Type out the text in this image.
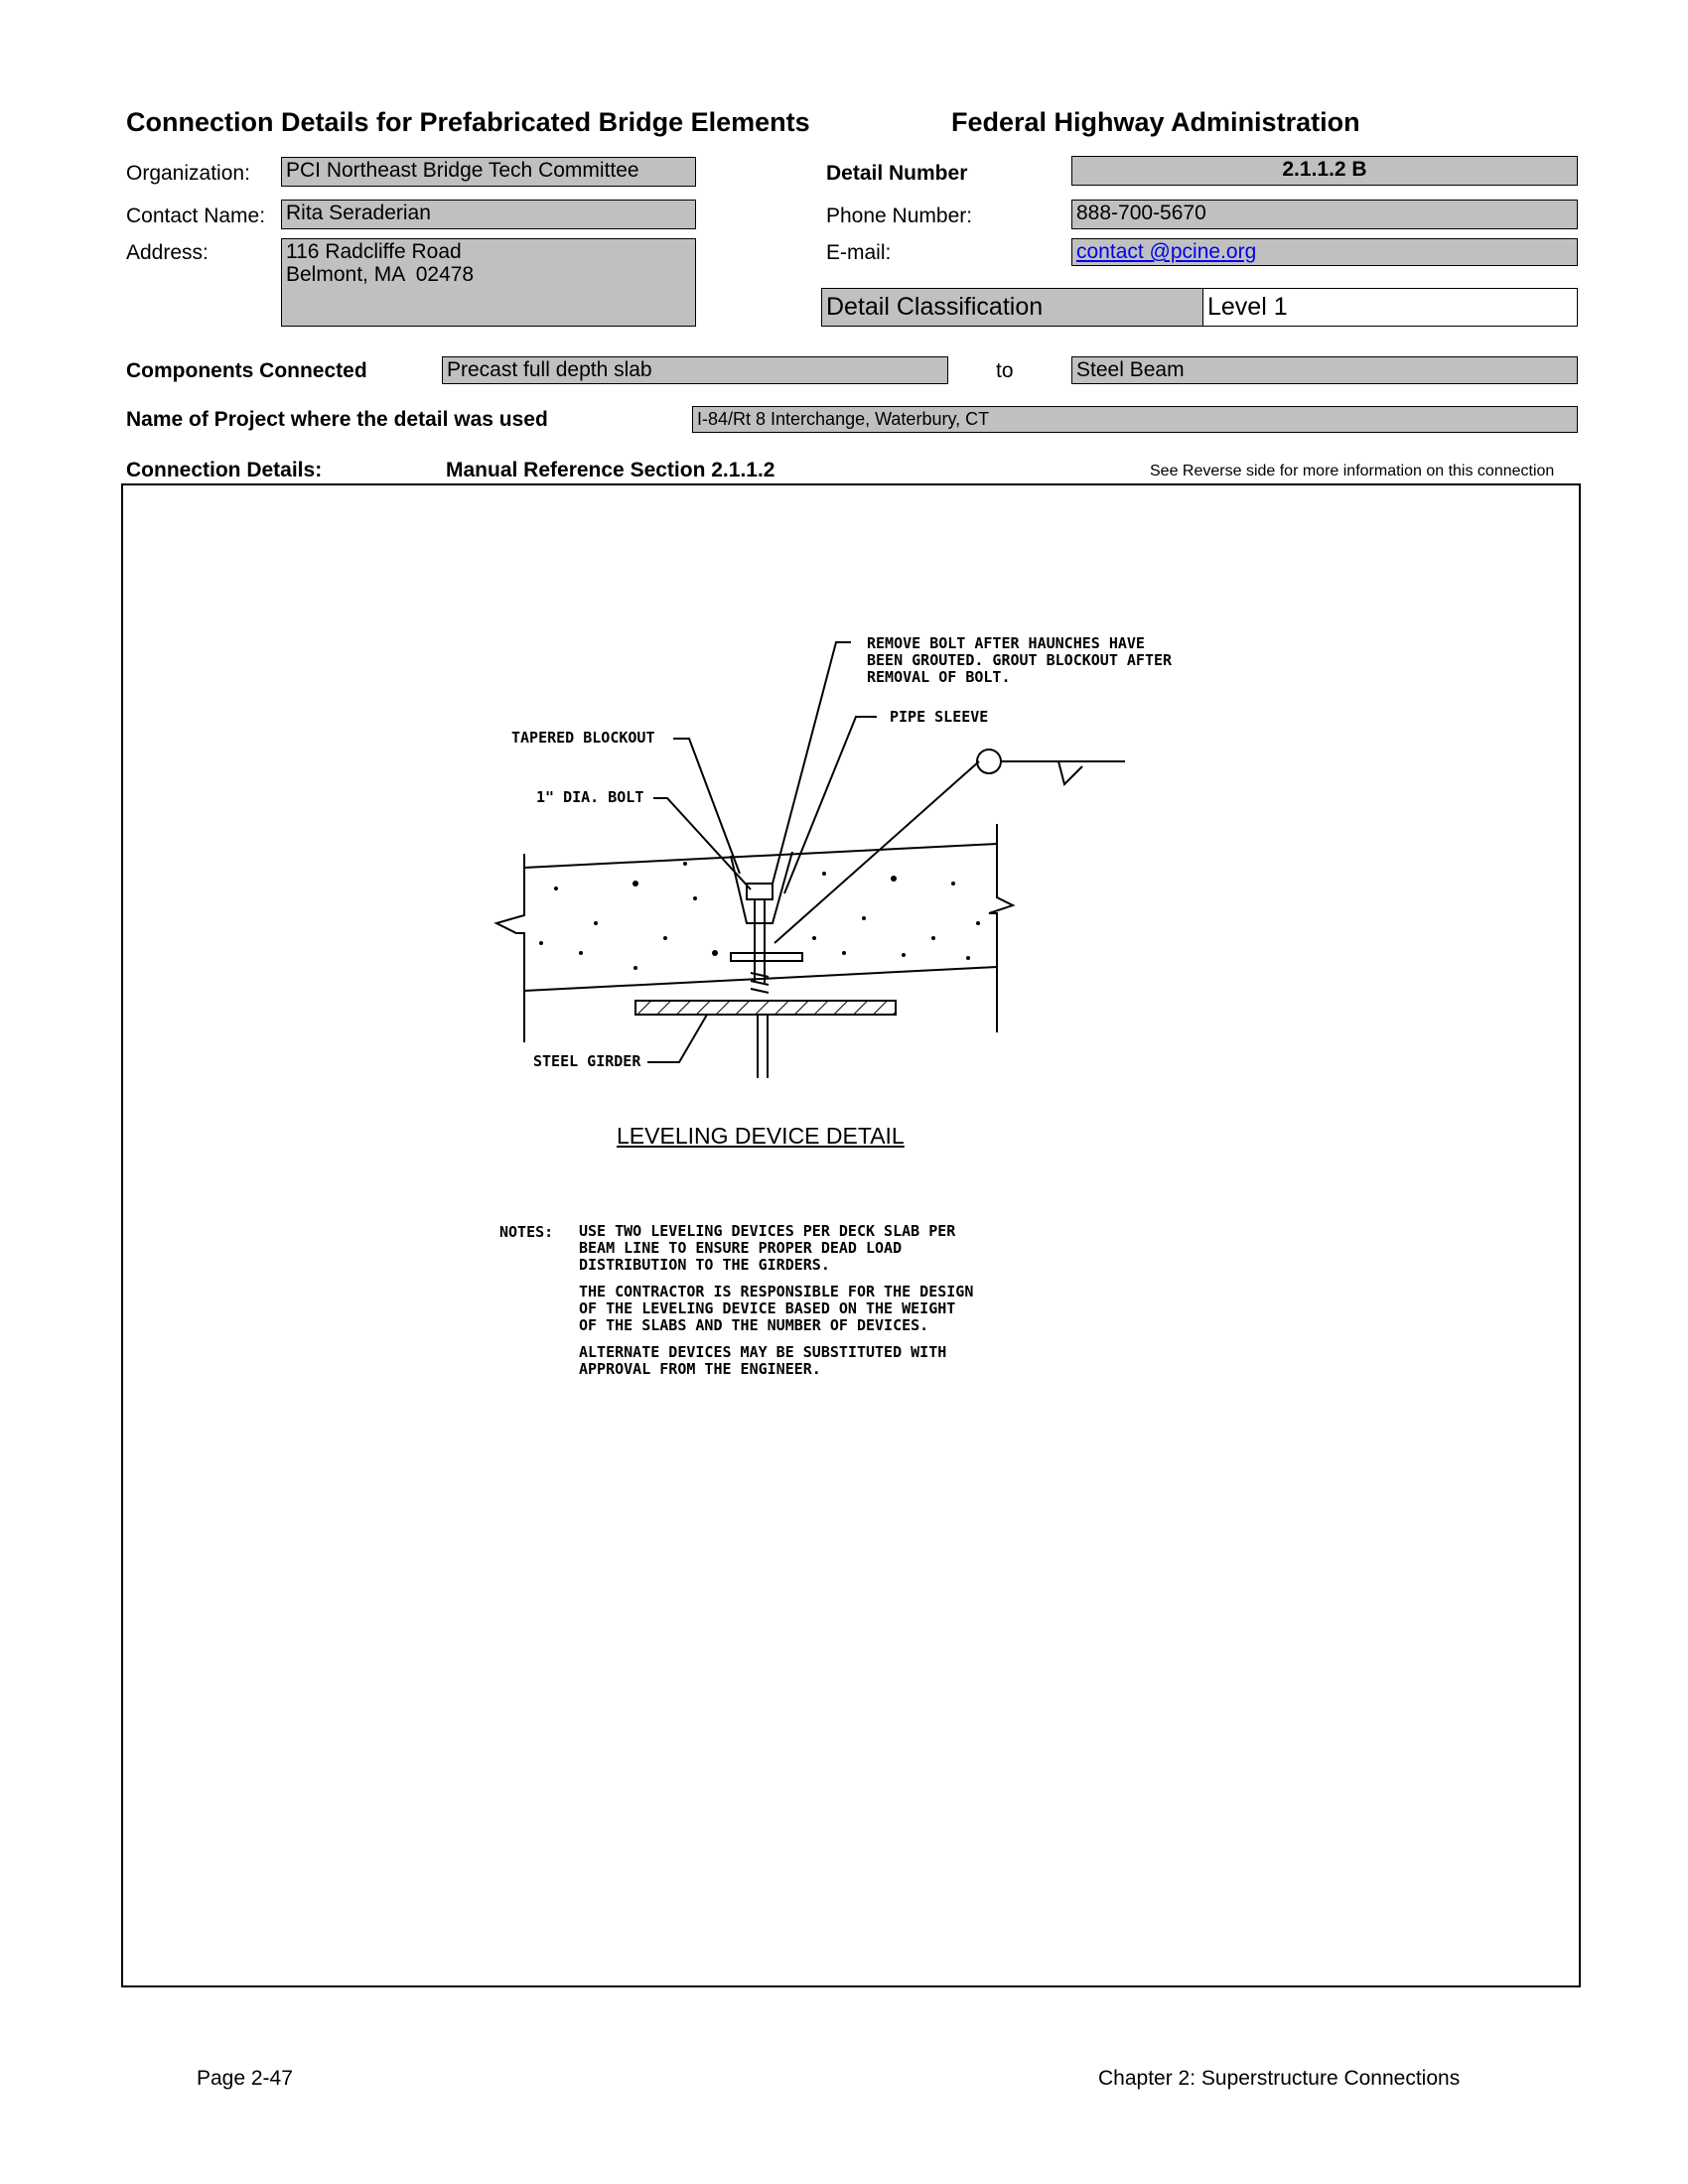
Connection Details for Prefabricated Bridge Elements	Federal Highway Administration
Organization: PCI Northeast Bridge Tech Committee
Contact Name: Rita Seraderian
Address:	116 Radcliffe Road
Belmont, MA  02478
Detail Number	2.1.1.2 B
Phone Number:	888-700-5670
E-mail:	contact @pcine.org
Detail Classification	Level 1
Components Connected	Precast full depth slab	to	Steel Beam
Name of Project where the detail was used	I-84/Rt 8 Interchange, Waterbury, CT
Connection Details:	Manual Reference Section 2.1.1.2	See Reverse side for more information on this connection
REMOVE BOLT AFTER HAUNCHES HAVE
BEEN GROUTED. GROUT BLOCKOUT AFTER
REMOVAL OF BOLT.
PIPE SLEEVE
TAPERED BLOCKOUT
1" DIA. BOLT
STEEL GIRDER
LEVELING DEVICE DETAIL
NOTES: USE TWO LEVELING DEVICES PER DECK SLAB PER
BEAM LINE TO ENSURE PROPER DEAD LOAD
DISTRIBUTION TO THE GIRDERS.
THE CONTRACTOR IS RESPONSIBLE FOR THE DESIGN
OF THE LEVELING DEVICE BASED ON THE WEIGHT
OF THE SLABS AND THE NUMBER OF DEVICES.
ALTERNATE DEVICES MAY BE SUBSTITUTED WITH
APPROVAL FROM THE ENGINEER.
Page 2-47	Chapter 2: Superstructure Connections
